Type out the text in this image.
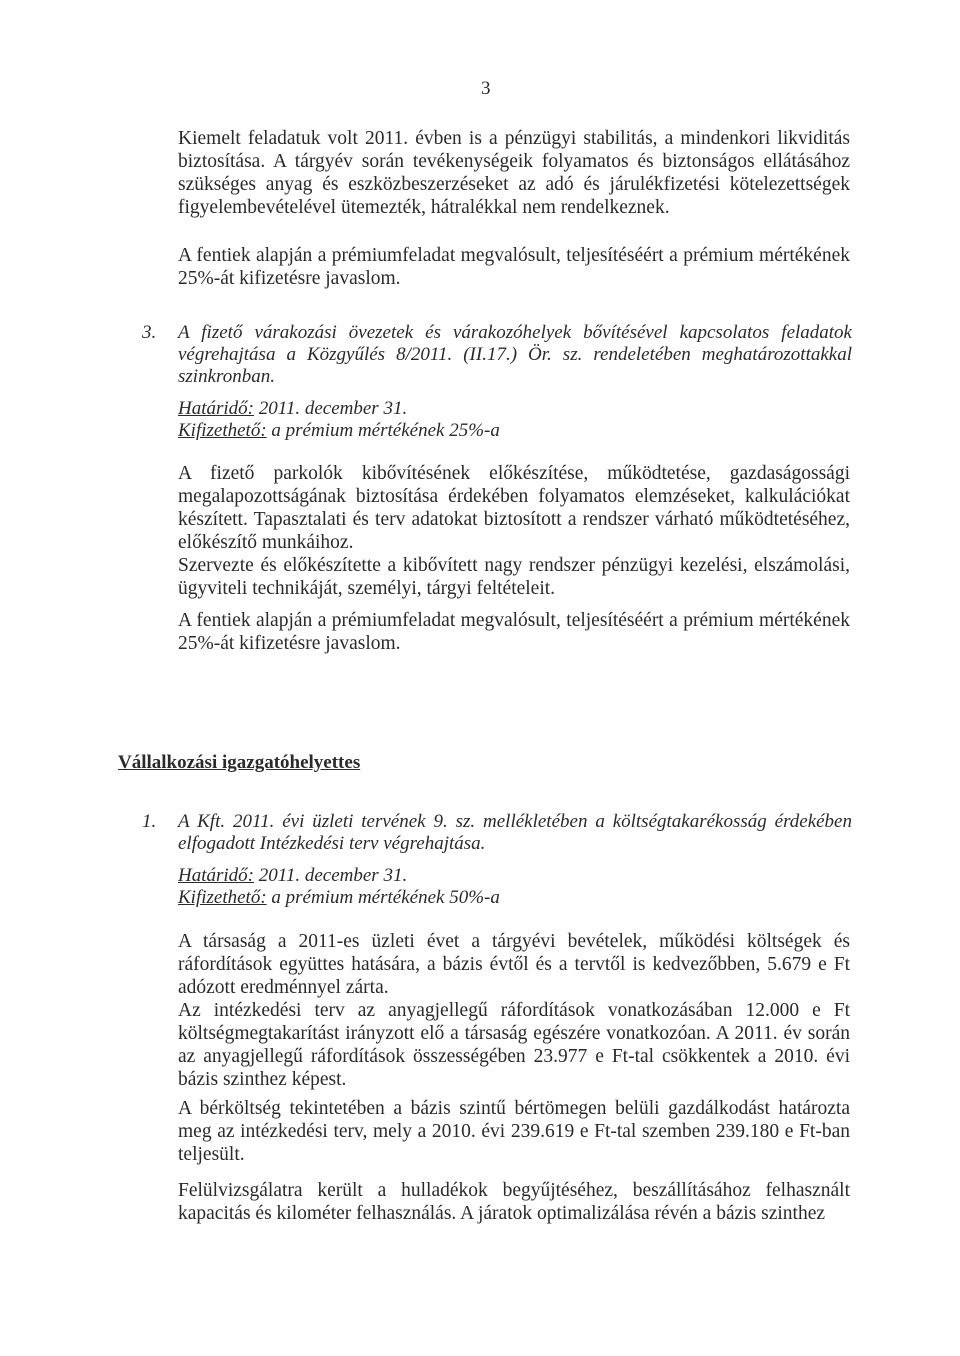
3

Kiemelt feladatuk volt 2011. évben is a pénzügyi stabilitás, a mindenkori likviditás biztosítása. A tárgyév során tevékenységeik folyamatos és biztonságos ellátásához szükséges anyag és eszközbeszerzéseket az adó és járulékfizetési kötelezettségek figyelembevételével ütemezték, hátralékkal nem rendelkeznek.

A fentiek alapján a prémiumfeladat megvalósult, teljesítéséért a prémium mértékének 25%-át kifizetésre javaslom.

3. A fizető várakozási övezetek és várakozóhelyek bővítésével kapcsolatos feladatok végrehajtása a Közgyűlés 8/2011. (II.17.) Ör. sz. rendeletében meghatározottakkal szinkronban.
Határidő: 2011. december 31.
Kifizethető: a prémium mértékének 25%-a

A fizető parkolók kibővítésének előkészítése, működtetése, gazdaságossági megalapozottságának biztosítása érdekében folyamatos elemzéseket, kalkulációkat készített. Tapasztalati és terv adatokat biztosított a rendszer várható működtetéséhez, előkészítő munkáihoz.

Szervezte és előkészítette a kibővített nagy rendszer pénzügyi kezelési, elszámolási, ügyviteli technikáját, személyi, tárgyi feltételeit.

A fentiek alapján a prémiumfeladat megvalósult, teljesítéséért a prémium mértékének 25%-át kifizetésre javaslom.

Vállalkozási igazgatóhelyettes
1. A Kft. 2011. évi üzleti tervének 9. sz. mellékletében a költségtakarékosság érdekében elfogadott Intézkedési terv végrehajtása.
Határidő: 2011. december 31.
Kifizethető: a prémium mértékének 50%-a

A társaság a 2011-es üzleti évet a tárgyévi bevételek, működési költségek és ráfordítások együttes hatására, a bázis évtől és a tervtől is kedvezőbben, 5.679 e Ft adózott eredménnyel zárta.

Az intézkedési terv az anyagjellegű ráfordítások vonatkozásában 12.000 e Ft költségmegtakarítást irányzott elő a társaság egészére vonatkozóan. A 2011. év során az anyagjellegű ráfordítások összességében 23.977 e Ft-tal csökkentek a 2010. évi bázis szinthez képest.

A bérköltség tekintetében a bázis szintű bértömegen belüli gazdálkodást határozta meg az intézkedési terv, mely a 2010. évi 239.619 e Ft-tal szemben 239.180 e Ft-ban teljesült.

Felülvizsgálatra került a hulladékok begyűjtéséhez, beszállításához felhasznált kapacitás és kilométer felhasználás. A járatok optimalizálása révén a bázis szinthez
